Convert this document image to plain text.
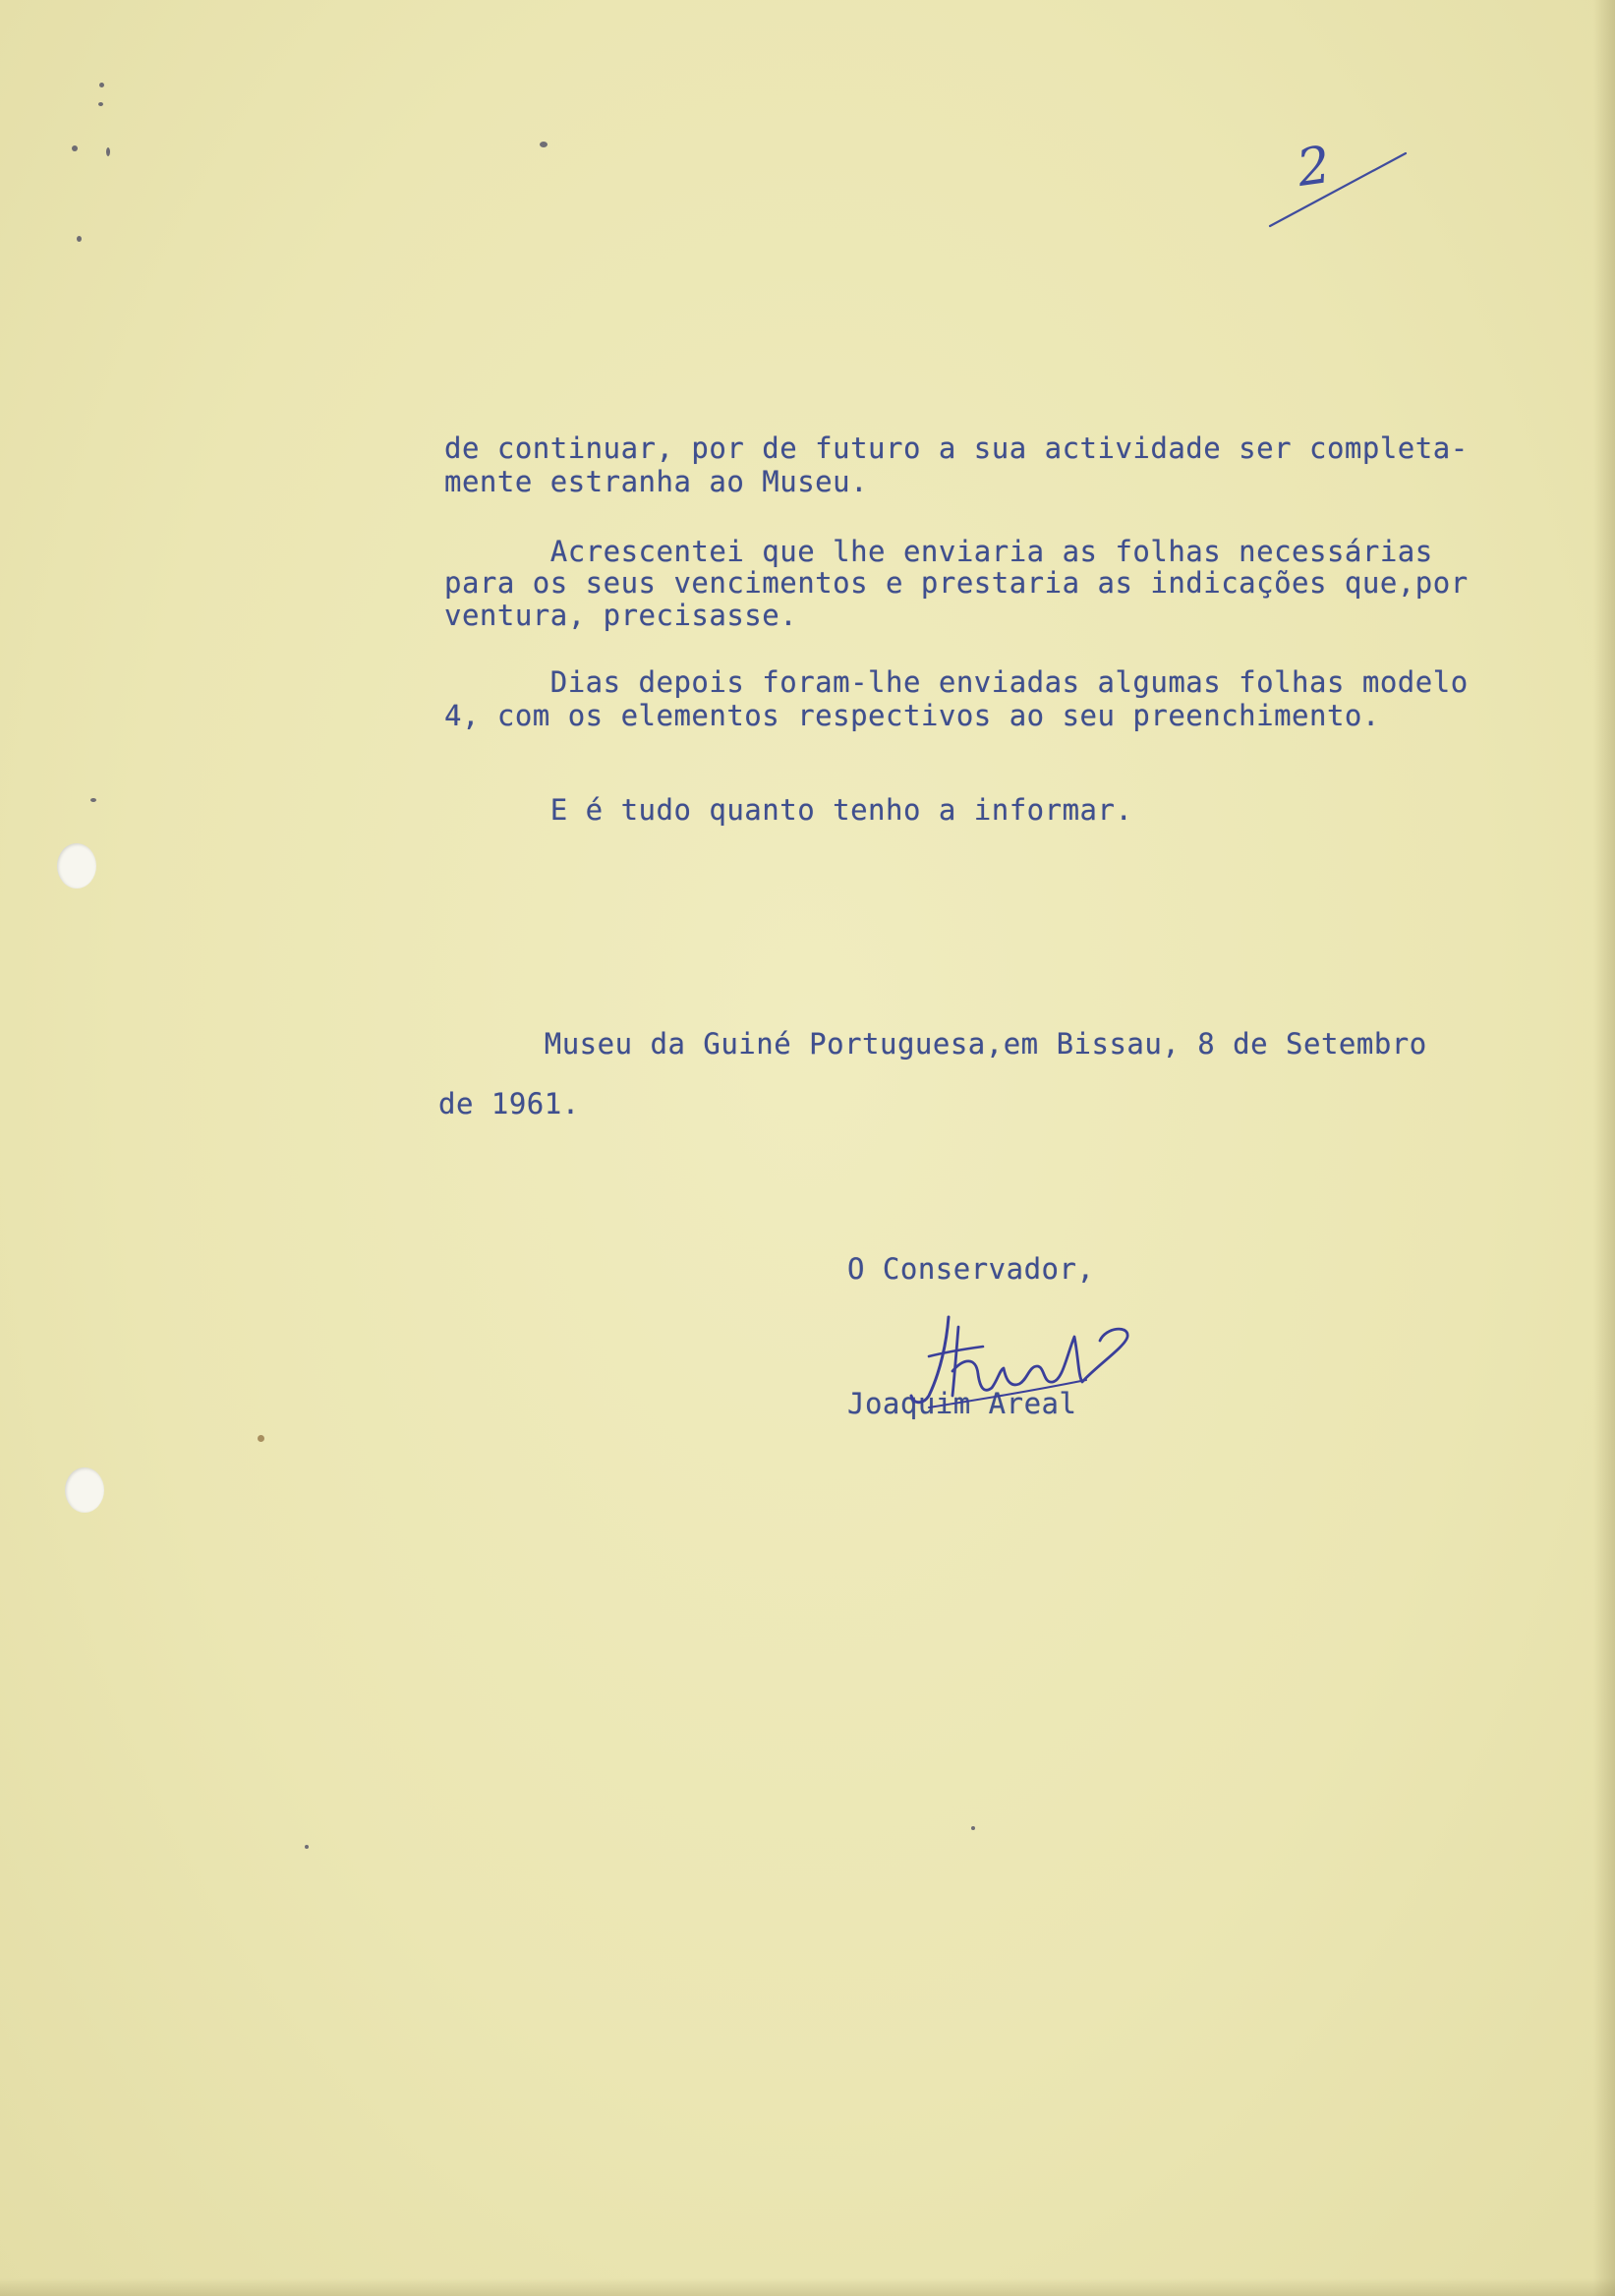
2
de continuar, por de futuro a sua actividade ser completa-
mente estranha ao Museu.
Acrescentei que lhe enviaria as folhas necessárias
para os seus vencimentos e prestaria as indicações que,por
ventura, precisasse.
Dias depois foram-lhe enviadas algumas folhas modelo
4, com os elementos respectivos ao seu preenchimento.
E é tudo quanto tenho a informar.
Museu da Guiné Portuguesa,em Bissau, 8 de Setembro
de 1961.
O Conservador,
Joaquim Areal
